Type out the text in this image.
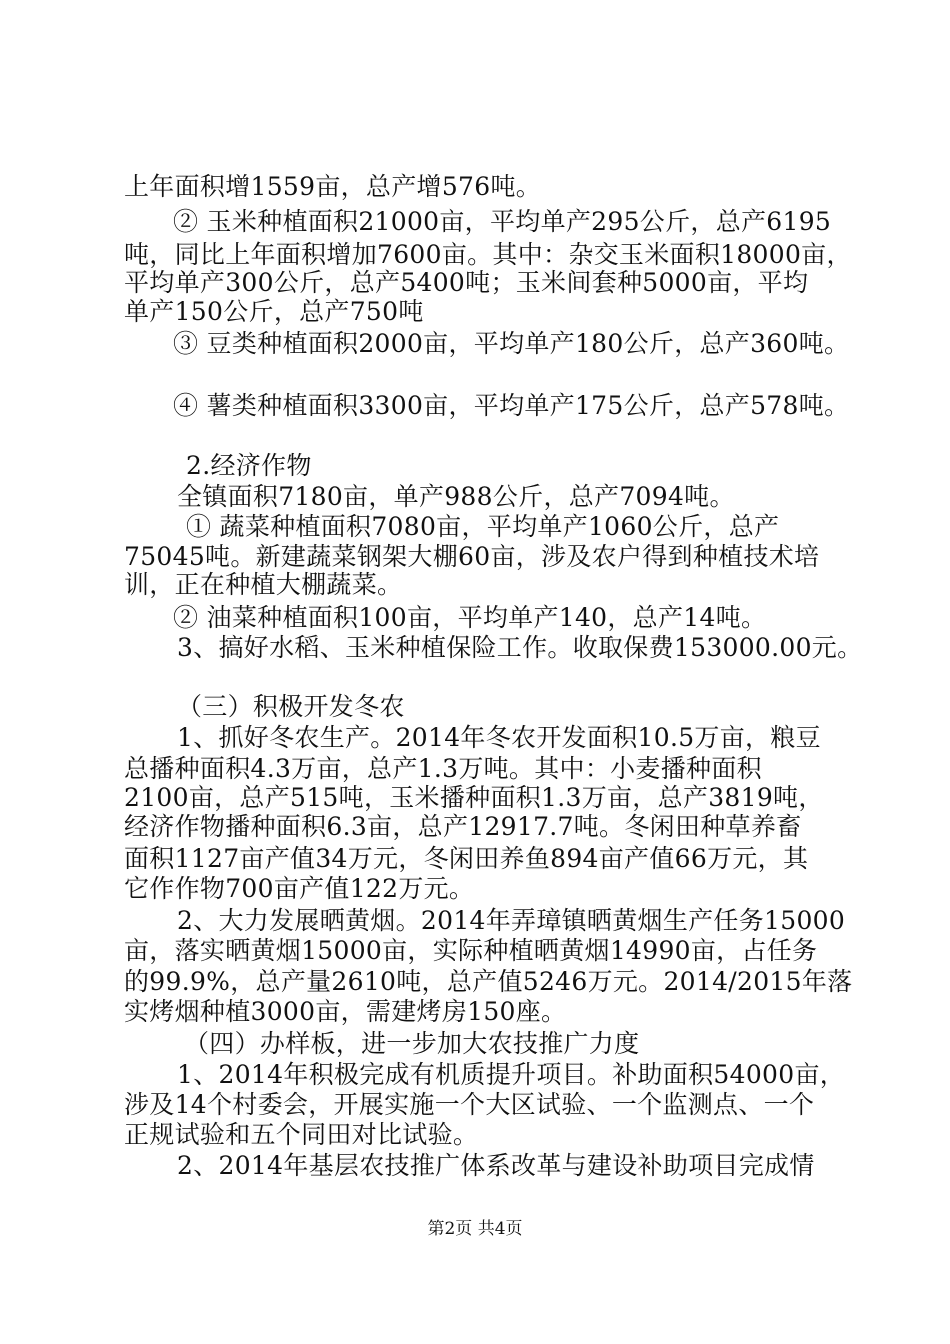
上年面积增1559亩，总产增576吨。
② 玉米种植面积21000亩，平均单产295公斤，总产6195
吨，同比上年面积增加7600亩。其中：杂交玉米面积18000亩，
平均单产300公斤，总产5400吨；玉米间套种5000亩，平均
单产150公斤，总产750吨
③ 豆类种植面积2000亩，平均单产180公斤，总产360吨。
④ 薯类种植面积3300亩，平均单产175公斤，总产578吨。
2.经济作物
全镇面积7180亩，单产988公斤，总产7094吨。
① 蔬菜种植面积7080亩，平均单产1060公斤，总产
75045吨。新建蔬菜钢架大棚60亩，涉及农户得到种植技术培
训，正在种植大棚蔬菜。
② 油菜种植面积100亩，平均单产140，总产14吨。
3、搞好水稻、玉米种植保险工作。收取保费153000.00元。
（三）积极开发冬农
1、抓好冬农生产。2014年冬农开发面积10.5万亩，粮豆
总播种面积4.3万亩，总产1.3万吨。其中：小麦播种面积
2100亩，总产515吨，玉米播种面积1.3万亩，总产3819吨，
经济作物播种面积6.3亩，总产12917.7吨。冬闲田种草养畜
面积1127亩产值34万元，冬闲田养鱼894亩产值66万元，其
它作作物700亩产值122万元。
2、大力发展晒黄烟。2014年弄璋镇晒黄烟生产任务15000
亩，落实晒黄烟15000亩，实际种植晒黄烟14990亩，占任务
的99.9%，总产量2610吨，总产值5246万元。2014/2015年落
实烤烟种植3000亩，需建烤房150座。
（四）办样板，进一步加大农技推广力度
1、2014年积极完成有机质提升项目。补助面积54000亩，
涉及14个村委会，开展实施一个大区试验、一个监测点、一个
正规试验和五个同田对比试验。
2、2014年基层农技推广体系改革与建设补助项目完成情
第2页 共4页
